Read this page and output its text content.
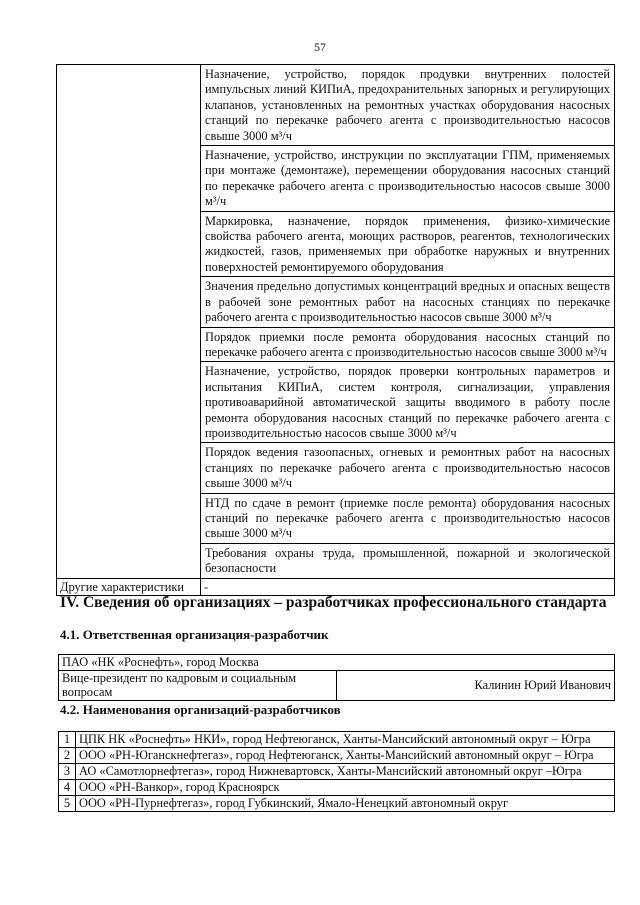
57
	Назначение, устройство, порядок продувки внутренних полостей импульсных линий КИПиА, предохранительных запорных и регулирующих клапанов, установленных на ремонтных участках оборудования насосных станций по перекачке рабочего агента с производительностью насосов свыше 3000 м³/ч
	Назначение, устройство, инструкции по эксплуатации ГПМ, применяемых при монтаже (демонтаже), перемещении оборудования насосных станций по перекачке рабочего агента с производительностью насосов свыше 3000 м³/ч
	Маркировка, назначение, порядок применения, физико-химические свойства рабочего агента, моющих растворов, реагентов, технологических жидкостей, газов, применяемых при обработке наружных и внутренних поверхностей ремонтируемого оборудования
	Значения предельно допустимых концентраций вредных и опасных веществ в рабочей зоне ремонтных работ на насосных станциях по перекачке рабочего агента с производительностью насосов свыше 3000 м³/ч
	Порядок приемки после ремонта оборудования насосных станций по перекачке рабочего агента с производительностью насосов свыше 3000 м³/ч
	Назначение, устройство, порядок проверки контрольных параметров и испытания КИПиА, систем контроля, сигнализации, управления противоаварийной автоматической защиты вводимого в работу после ремонта оборудования насосных станций по перекачке рабочего агента с производительностью насосов свыше 3000 м³/ч
	Порядок ведения газоопасных, огневых и ремонтных работ на насосных станциях по перекачке рабочего агента с производительностью насосов свыше 3000 м³/ч
	НТД по сдаче в ремонт (приемке после ремонта) оборудования насосных станций по перекачке рабочего агента с производительностью насосов свыше 3000 м³/ч
	Требования охраны труда, промышленной, пожарной и экологической безопасности
Другие характеристики	-
IV. Сведения об организациях – разработчиках профессионального стандарта
4.1. Ответственная организация-разработчик
ПАО «НК «Роснефть», город Москва
Вице-президент по кадровым и социальным вопросам	Калинин Юрий Иванович
4.2. Наименования организаций-разработчиков
1	ЦПК НК «Роснефть» НКИ», город Нефтеюганск, Ханты-Мансийский автономный округ – Югра
2	ООО «РН-Юганскнефтегаз», город Нефтеюганск, Ханты-Мансийский автономный округ – Югра
3	АО «Самотлорнефтегаз», город Нижневартовск, Ханты-Мансийский автономный округ –Югра
4	ООО «РН-Ванкор», город Красноярск
5	ООО «РН-Пурнефтегаз», город Губкинский, Ямало-Ненецкий автономный округ
